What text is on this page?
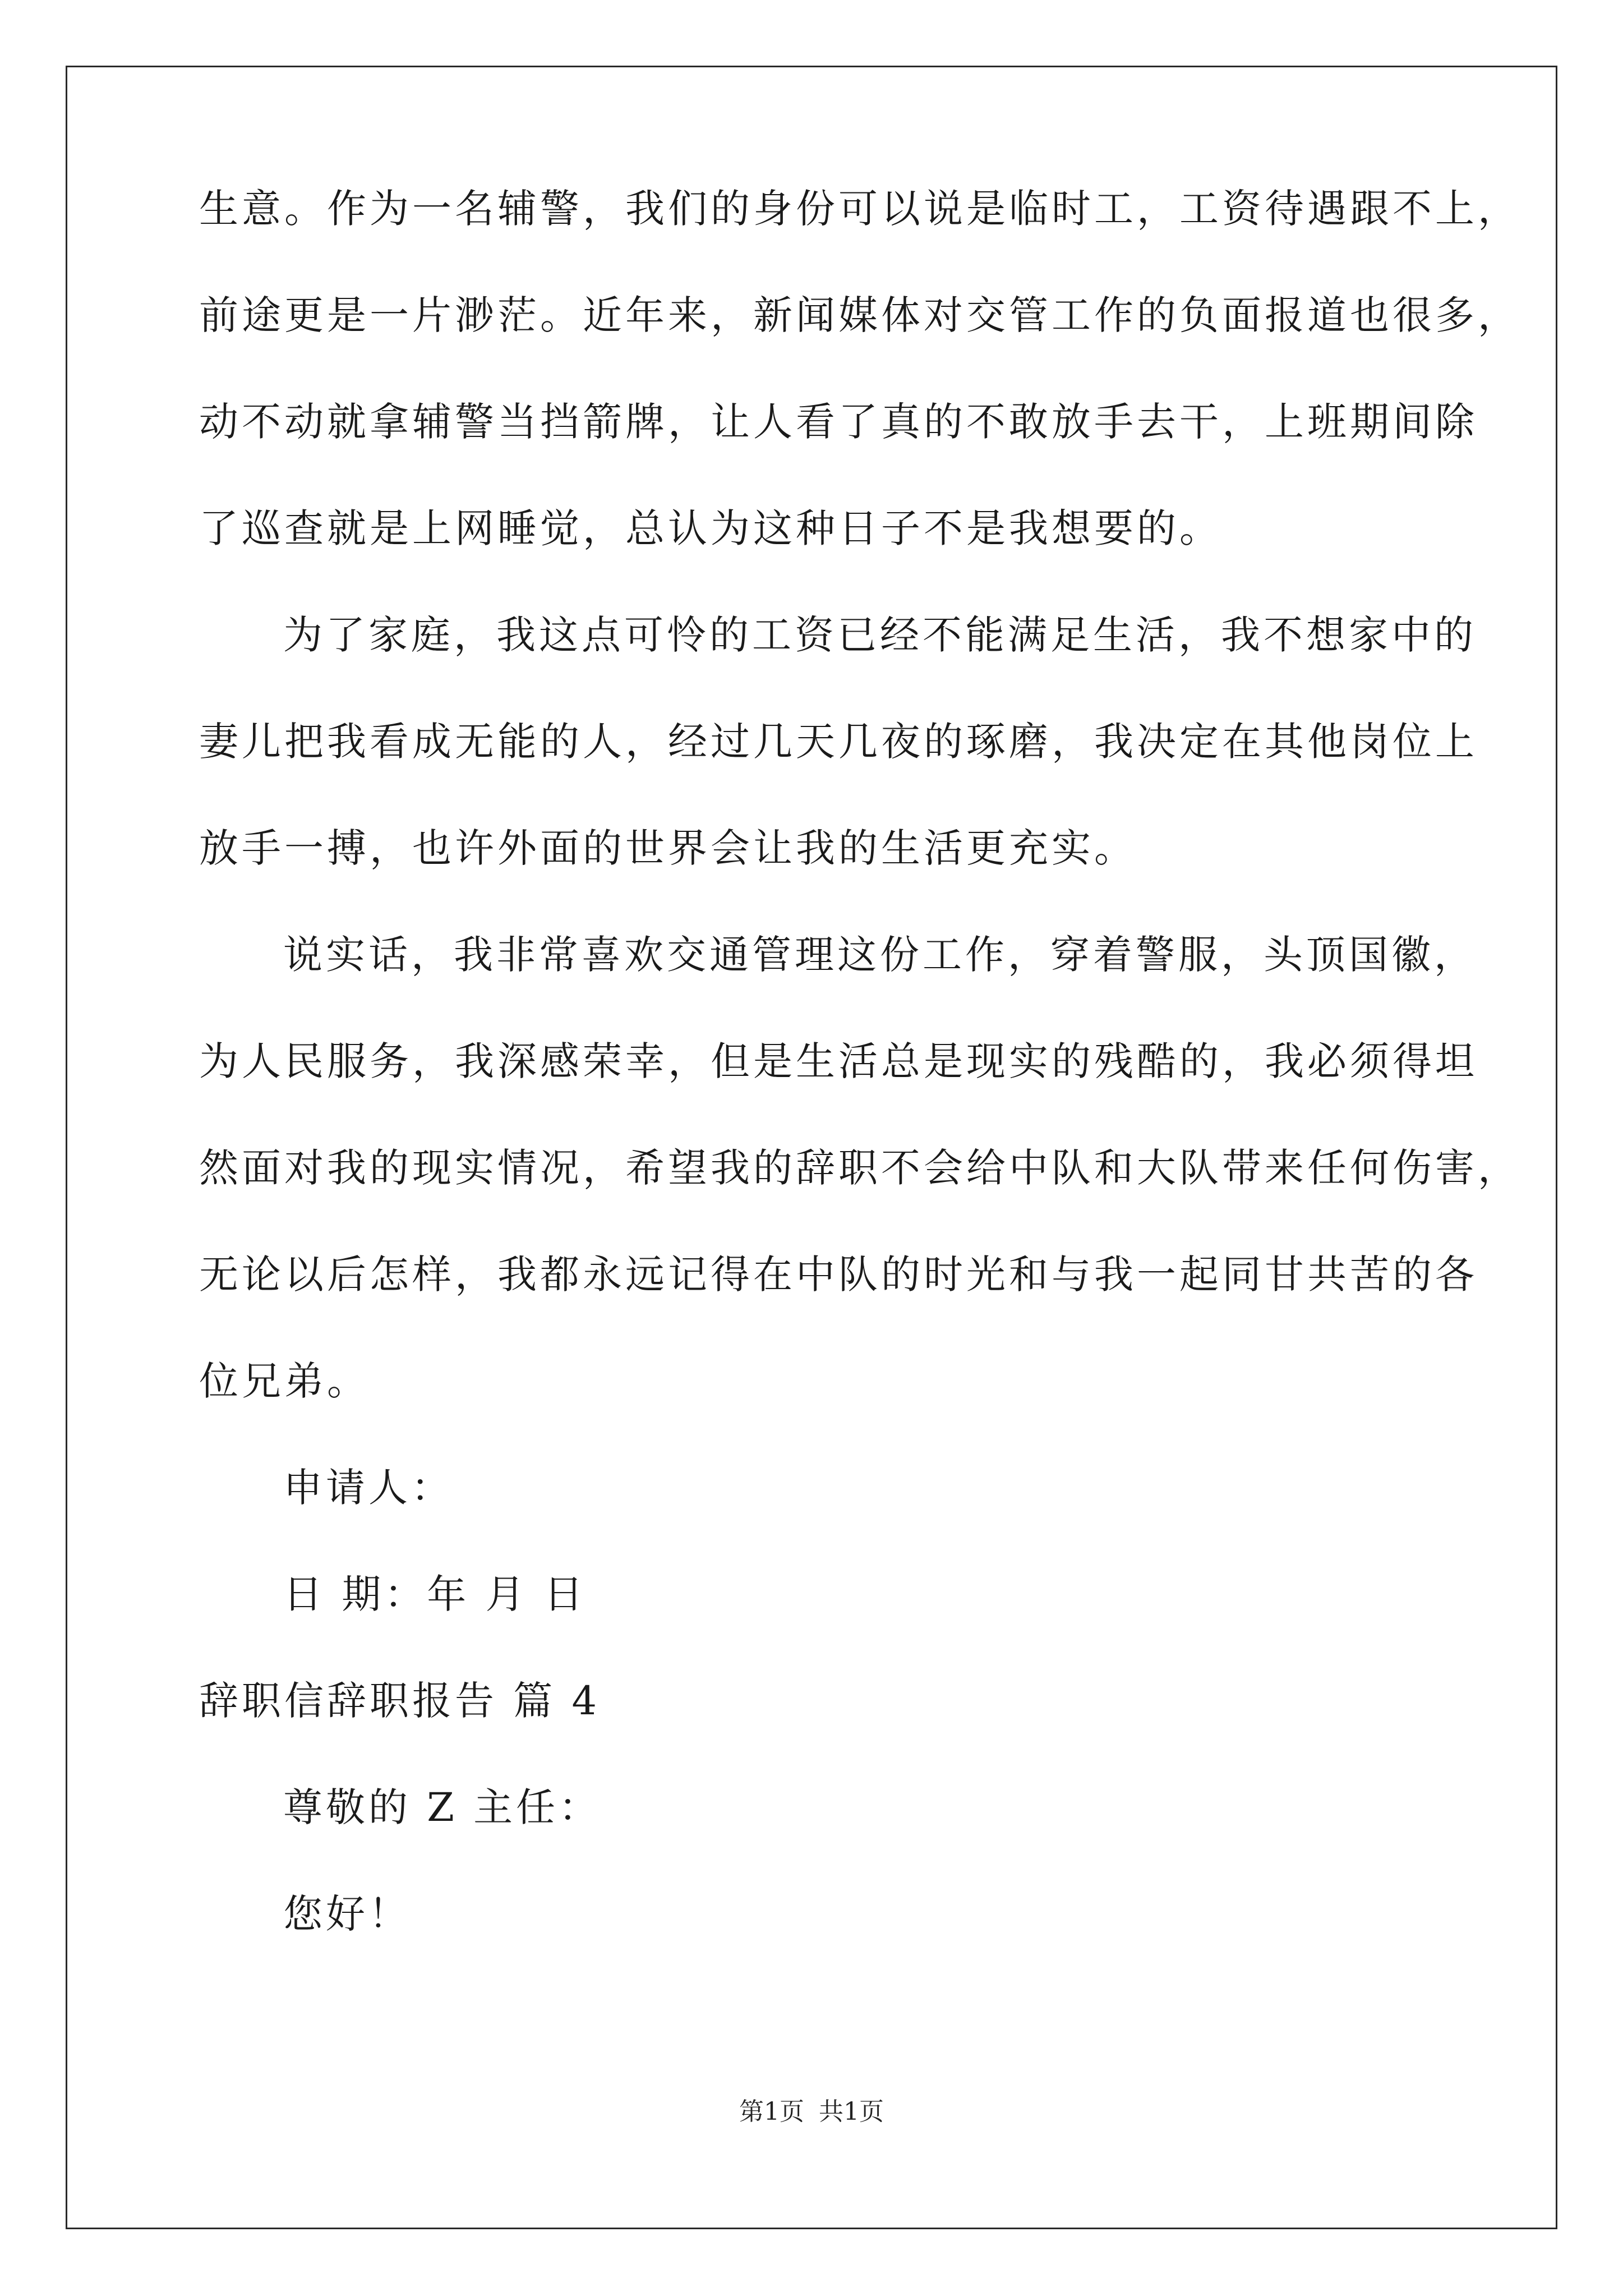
生意。作为一名辅警，我们的身份可以说是临时工，工资待遇跟不上，
前途更是一片渺茫。近年来，新闻媒体对交管工作的负面报道也很多，
动不动就拿辅警当挡箭牌，让人看了真的不敢放手去干，上班期间除
了巡查就是上网睡觉，总认为这种日子不是我想要的。
为了家庭，我这点可怜的工资已经不能满足生活，我不想家中的
妻儿把我看成无能的人，经过几天几夜的琢磨，我决定在其他岗位上
放手一搏，也许外面的世界会让我的生活更充实。
说实话，我非常喜欢交通管理这份工作，穿着警服，头顶国徽，
为人民服务，我深感荣幸，但是生活总是现实的残酷的，我必须得坦
然面对我的现实情况，希望我的辞职不会给中队和大队带来任何伤害，
无论以后怎样，我都永远记得在中队的时光和与我一起同甘共苦的各
位兄弟。
申请人：
日 期：年 月 日
辞职信辞职报告 篇 4
尊敬的 Z 主任：
您好！
第1页 共1页
